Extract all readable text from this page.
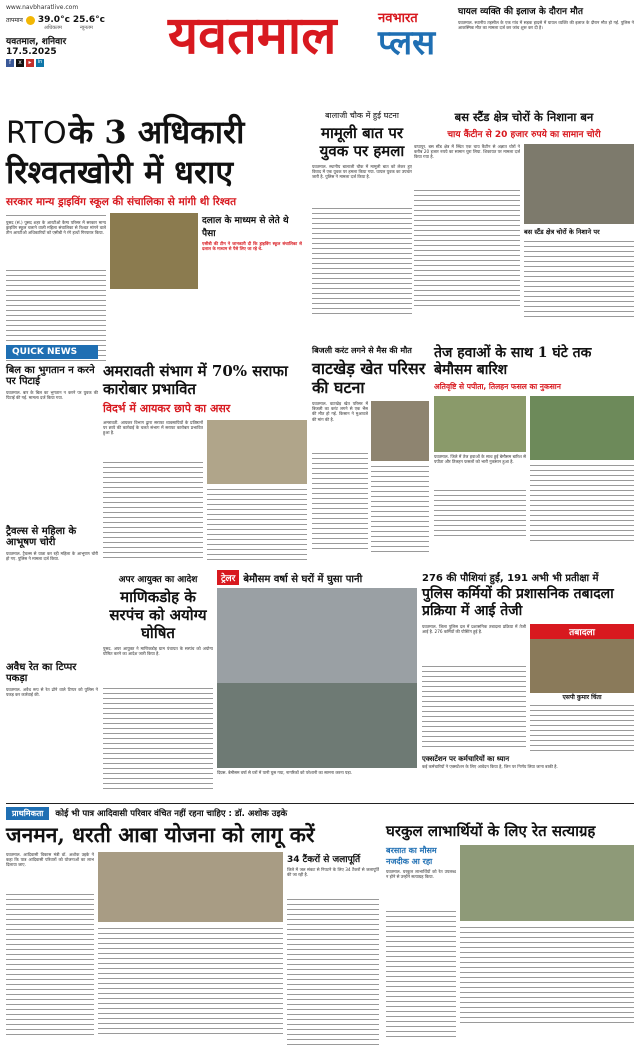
www.navbharatlive.com
तापमान 39.0°c 25.6°c
अधिकतम	न्यूनतम
यवतमाल, शनिवार
17.5.2025
f	x	▸	in यवतमाल	नवभारत
प्लस
घायल व्यक्ति की इलाज के दौरान मौत
यवतमाल. स्थानीय तहसील के एक गांव में सड़क हादसे में घायल व्यक्ति की इलाज के दौरान मौत हो गई. पुलिस ने आकस्मिक मौत का मामला दर्ज कर जांच शुरू कर दी है।
RTO के 3 अधिकारी
रिश्वतखोरी में धराए
सरकार मान्य ड्राइविंग स्कूल की संचालिका से मांगी थी रिश्वत
दलाल के माध्यम से लेते थे पैसा
एसीबी की टीम ने जानकारी दी कि ड्राइविंग स्कूल संचालिका से दलाल के माध्यम से पैसे लिए जा रहे थे.
पुसद (सं.) पुसद शहर के आरटीओ कैम्प परिसर में सरकार मान्य ड्राइविंग स्कूल चलाने वाली महिला संचालिका से रिश्वत मांगने वाले तीन आरटीओ अधिकारियों को एसीबी ने रंगे हाथों गिरफ्तार किया.
बालाजी चौक में हुई घटना
मामूली बात पर युवक पर हमला
यवतमाल. स्थानीय बालाजी चौक में मामूली बात को लेकर हुए विवाद में एक युवक पर हमला किया गया. घायल युवक का उपचार जारी है. पुलिस ने मामला दर्ज किया है.
बस स्टैंड क्षेत्र चोरों के निशाना बन
चाय कैंटीन से 20 हजार रुपये का सामान चोरी
वाघापुर. बस स्टैंड क्षेत्र में स्थित एक चाय कैंटीन से अज्ञात चोरों ने करीब 20 हजार रुपये का सामान चुरा लिया. शिकायत पर मामला दर्ज किया गया है.
बस स्टैंड क्षेत्र चोरों के निशाने पर
QUICK NEWS
बिल का भुगतान न करने पर पिटाई
यवतमाल. बार के बिल का भुगतान न करने पर युवक की पिटाई की गई. मामला दर्ज किया गया.
ट्रैवल्स से महिला के आभूषण चोरी
यवतमाल. ट्रैवल्स से यात्रा कर रही महिला के आभूषण चोरी हो गए. पुलिस ने मामला दर्ज किया.
अवैध रेत का टिप्पर पकड़ा
यवतमाल. अवैध रूप से रेत ढोने वाले टिप्पर को पुलिस ने पकड़ कर कार्रवाई की.
अमरावती संभाग में 70% सराफा कारोबार प्रभावित
विदर्भ में आयकर छापे का असर
अमरावती. आयकर विभाग द्वारा सराफा व्यवसायियों के प्रतिष्ठानों पर छापे की कार्रवाई के चलते संभाग में सराफा कारोबार प्रभावित हुआ है.
बिजली करंट लगने से मैस की मौत
वाटखेड़ खेत परिसर की घटना
यवतमाल. वाटखेड़ खेत परिसर में बिजली का करंट लगने से एक भैंस की मौत हो गई. किसान ने मुआवजे की मांग की है.
तेज हवाओं के साथ 1 घंटे तक बेमौसम बारिश
अतिवृष्टि से पपीता, तिलहन फसल का नुकसान
यवतमाल. जिले में तेज हवाओं के साथ हुई बेमौसम बारिश से पपीता और तिलहन फसलों को भारी नुकसान हुआ है.
अपर आयुक्त का आदेश
माणिकडोह के सरपंच को अयोग्य घोषित
पुसद. अपर आयुक्त ने माणिकडोह ग्राम पंचायत के सरपंच को अयोग्य घोषित करने का आदेश जारी किया है.
ट्रेलर बेमौसम वर्षा से घरों में घुसा पानी
दिग्रस. बेमौसम वर्षा से घरों में पानी घुस गया, नागरिकों को परेशानी का सामना करना पड़ा.
276 की पौशियां हुईं, 191 अभी भी प्रतीक्षा में
पुलिस कर्मियों की प्रशासनिक तबादला प्रक्रिया में आई तेजी
यवतमाल. जिला पुलिस दल में प्रशासनिक तबादला प्रक्रिया में तेजी आई है. 276 कर्मियों की पोस्टिंग हुई है.	तबादला
एसपी कुमार चिंता
एक्सटेंशन पर कर्मचारियों का ध्यान
कई कर्मचारियों ने एक्सटेंशन के लिए आवेदन किया है, जिन पर निर्णय लिया जाना बाकी है.
प्राथमिकता	कोई भी पात्र आदिवासी परिवार वंचित नहीं रहना चाहिए : डॉ. अशोक उइके
जनमन, धरती आबा योजना को लागू करें
यवतमाल. आदिवासी विकास मंत्री डॉ. अशोक उइके ने कहा कि पात्र आदिवासी परिवारों को योजनाओं का लाभ दिलाया जाए.	34 टैंकरों से जलापूर्ति
जिले में जल संकट से निपटने के लिए 34 टैंकरों से जलापूर्ति की जा रही है.
घरकुल लाभार्थियों के लिए रेत सत्याग्रह
बरसात का मौसम नजदीक आ रहा
यवतमाल. घरकुल लाभार्थियों को रेत उपलब्ध न होने से उन्होंने सत्याग्रह किया.
